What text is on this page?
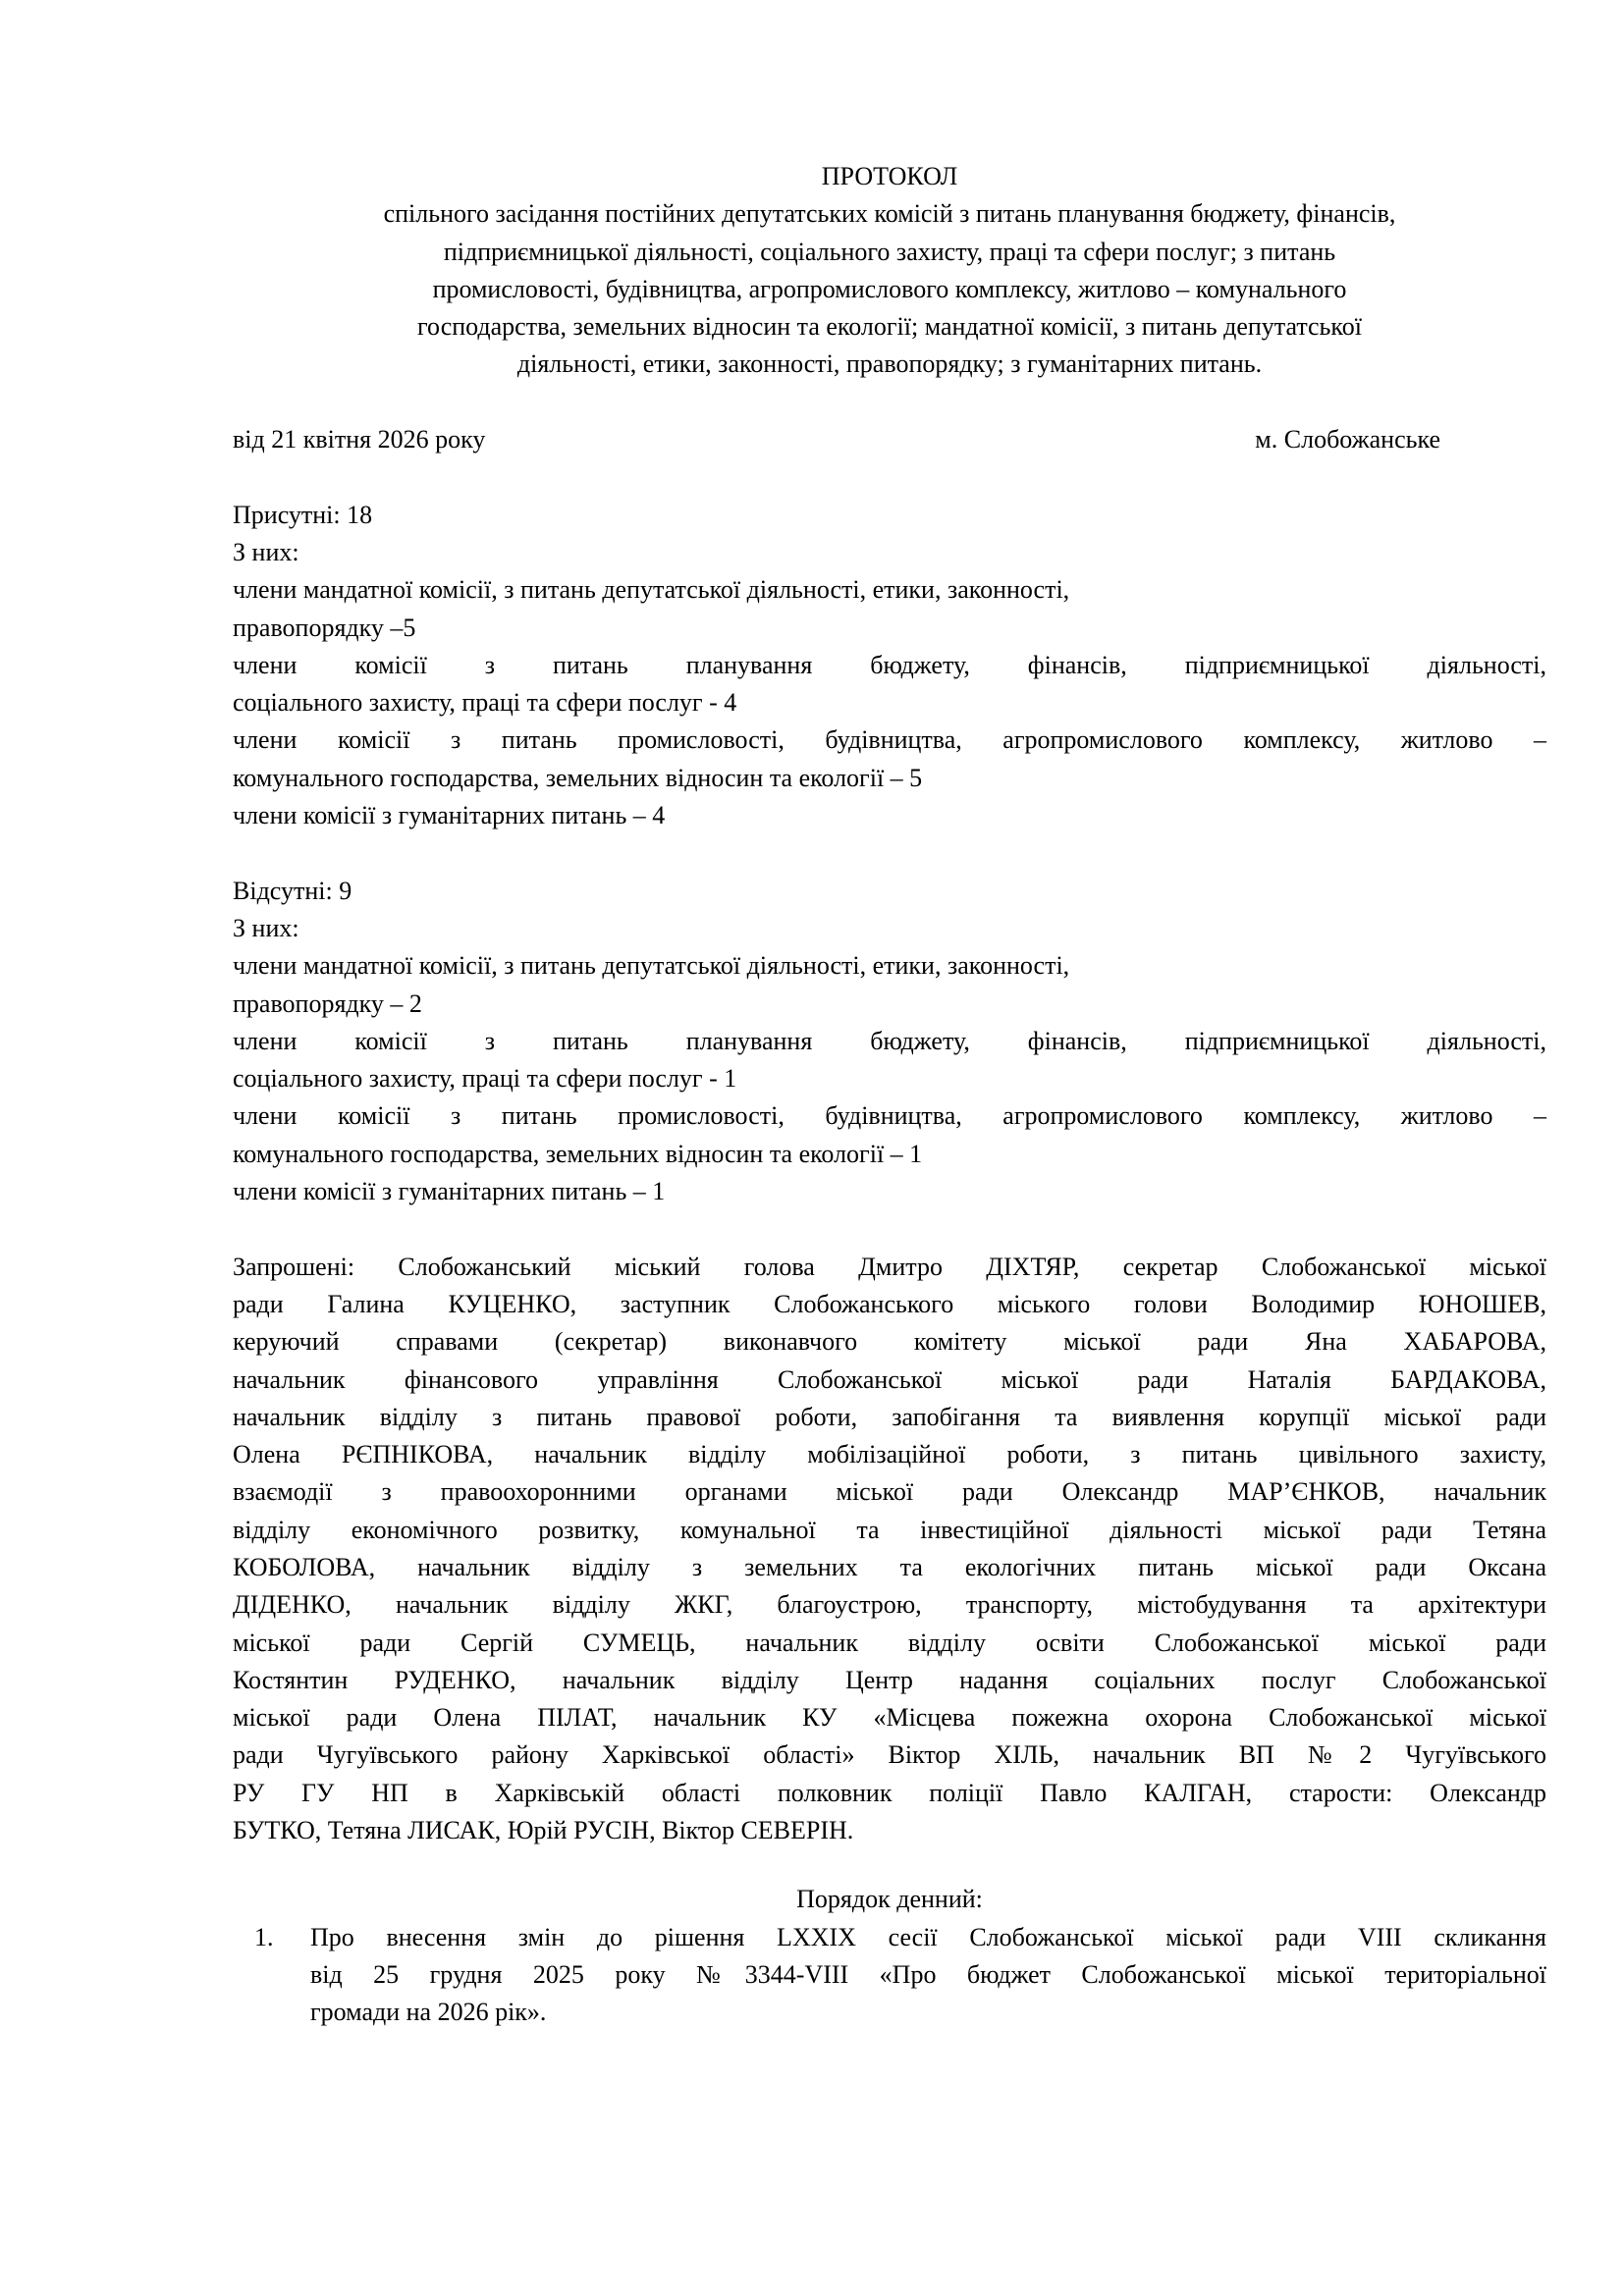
ПРОТОКОЛ
спільного засідання постійних депутатських комісій з питань планування бюджету, фінансів,
підприємницької діяльності, соціального захисту, праці та сфери послуг; з питань
промисловості, будівництва, агропромислового комплексу, житлово – комунального
господарства, земельних відносин та екології; мандатної комісії, з питань депутатської
діяльності, етики, законності, правопорядку; з гуманітарних питань.
від 21 квітня 2026 року	м. Слобожанське
Присутні: 18
З них:
члени мандатної комісії, з питань депутатської діяльності, етики, законності,
правопорядку –5
члени комісії з питань планування бюджету, фінансів, підприємницької діяльності,
соціального захисту, праці та сфери послуг - 4
члени комісії з питань промисловості, будівництва, агропромислового комплексу, житлово –
комунального господарства, земельних відносин та екології – 5
члени комісії з гуманітарних питань – 4
Відсутні: 9
З них:
члени мандатної комісії, з питань депутатської діяльності, етики, законності,
правопорядку – 2
члени комісії з питань планування бюджету, фінансів, підприємницької діяльності,
соціального захисту, праці та сфери послуг - 1
члени комісії з питань промисловості, будівництва, агропромислового комплексу, житлово –
комунального господарства, земельних відносин та екології – 1
члени комісії з гуманітарних питань – 1
Запрошені: Слобожанський міський голова Дмитро ДІХТЯР, секретар Слобожанської міської
ради Галина КУЦЕНКО, заступник Слобожанського міського голови Володимир ЮНОШЕВ,
керуючий справами (секретар) виконавчого комітету міської ради Яна ХАБАРОВА,
начальник фінансового управління Слобожанської міської ради Наталія БАРДАКОВА,
начальник відділу з питань правової роботи, запобігання та виявлення корупції міської ради
Олена РЄПНІКОВА, начальник відділу мобілізаційної роботи, з питань цивільного захисту,
взаємодії з правоохоронними органами міської ради Олександр МАР’ЄНКОВ, начальник
відділу економічного розвитку, комунальної та інвестиційної діяльності міської ради Тетяна
КОБОЛОВА, начальник відділу з земельних та екологічних питань міської ради Оксана
ДІДЕНКО, начальник відділу ЖКГ, благоустрою, транспорту, містобудування та архітектури
міської ради Сергій СУМЕЦЬ, начальник відділу освіти Слобожанської міської ради
Костянтин РУДЕНКО, начальник відділу Центр надання соціальних послуг Слобожанської
міської ради Олена ПІЛАТ, начальник КУ «Місцева пожежна охорона Слобожанської міської
ради Чугуївського району Харківської області» Віктор ХІЛЬ, начальник ВП №2 Чугуївського
РУ ГУ НП в Харківській області полковник поліції Павло КАЛГАН, старости: Олександр
БУТКО, Тетяна ЛИСАК, Юрій РУСІН, Віктор СЕВЕРІН.
Порядок денний:
1. Про внесення змін до рішення LXXIX сесії Слобожанської міської ради VIII скликання
від 25 грудня 2025 року №3344-VIII «Про бюджет Слобожанської міської територіальної
громади на 2026 рік».
